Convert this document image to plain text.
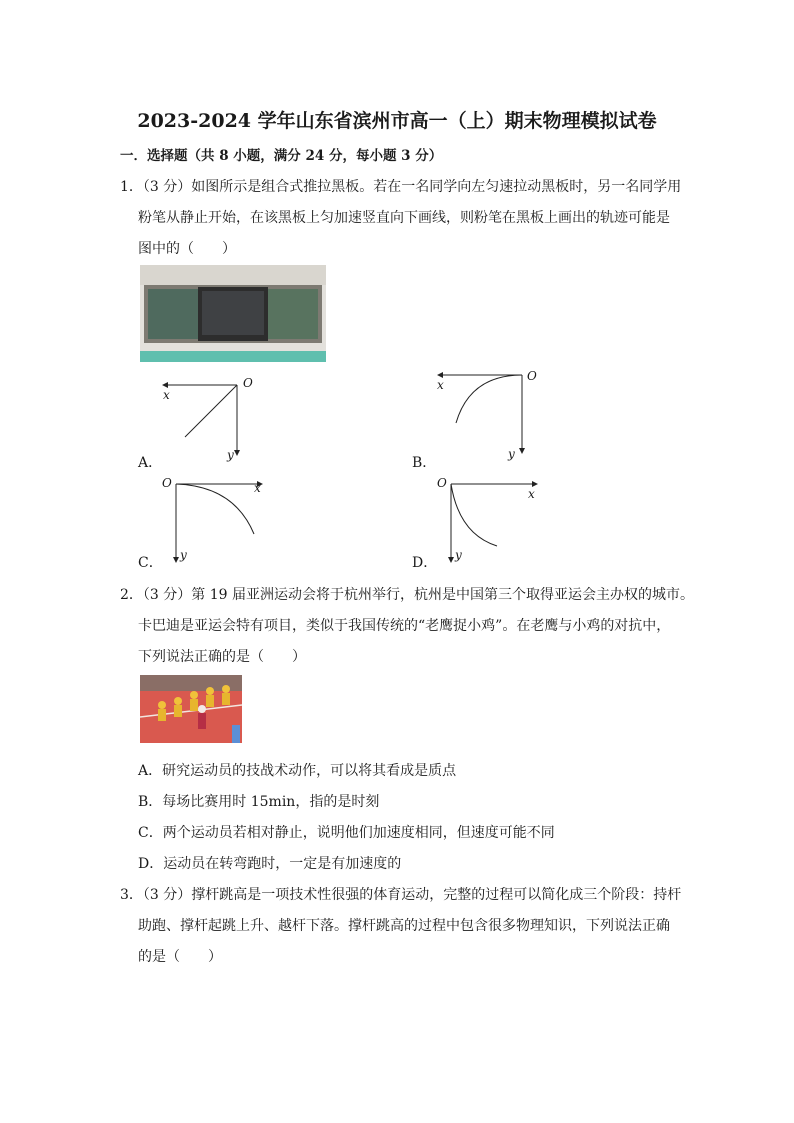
2023-2024 学年山东省滨州市高一（上）期末物理模拟试卷
一．选择题（共 8 小题，满分 24 分，每小题 3 分）
1．（3 分）如图所示是组合式推拉黑板。若在一名同学向左匀速拉动黑板时，另一名同学用
粉笔从静止开始，在该黑板上匀加速竖直向下画线，则粉笔在黑板上画出的轨迹可能是
图中的（　　）
O
x
y
A．
O
x
y
B．
O	x
y
C．
O
x
y
D．
2．（3 分）第 19 届亚洲运动会将于杭州举行，杭州是中国第三个取得亚运会主办权的城市。
卡巴迪是亚运会特有项目，类似于我国传统的“老鹰捉小鸡”。在老鹰与小鸡的对抗中，
下列说法正确的是（　　）
A．研究运动员的技战术动作，可以将其看成是质点
B．每场比赛用时 15min，指的是时刻
C．两个运动员若相对静止，说明他们加速度相同，但速度可能不同
D．运动员在转弯跑时，一定是有加速度的
3．（3 分）撑杆跳高是一项技术性很强的体育运动，完整的过程可以简化成三个阶段：持杆
助跑、撑杆起跳上升、越杆下落。撑杆跳高的过程中包含很多物理知识，下列说法正确
的是（　　）
